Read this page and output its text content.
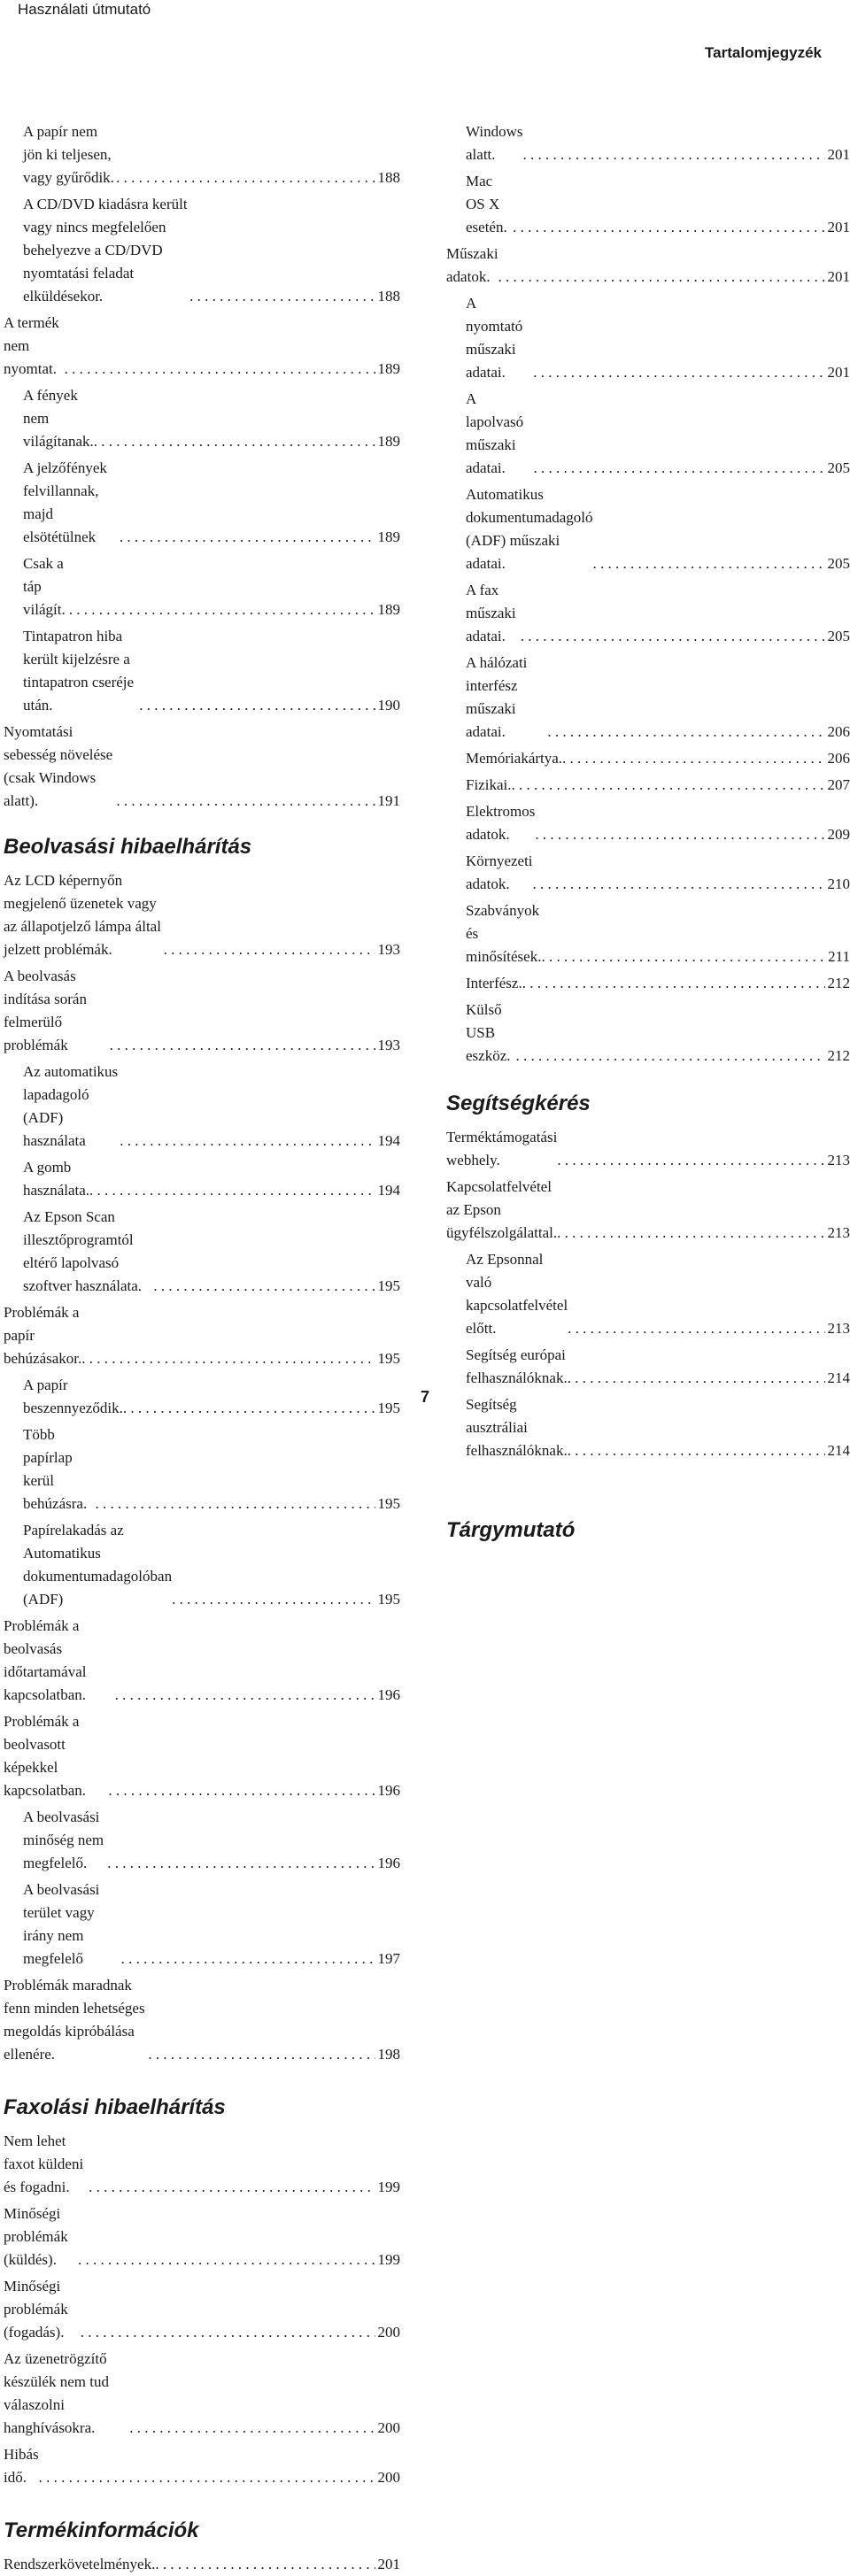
Használati útmutató
Tartalomjegyzék
A papír nem jön ki teljesen, vagy gyűrődik. . . .	188
A CD/DVD kiadásra került vagy nincs megfelelően behelyezve a CD/DVD nyomtatási feladat elküldésekor. . . .	188
A termék nem nyomtat. . . .	189
A fények nem világítanak. . . .	189
A jelzőfények felvillannak, majd elsötétülnek . . .	189
Csak a táp világít. . . .	189
Tintapatron hiba került kijelzésre a tintapatron cseréje után. . . .	190
Nyomtatási sebesség növelése (csak Windows alatt). . . .	191
Beolvasási hibaelhárítás
Az LCD képernyőn megjelenő üzenetek vagy az állapotjelző lámpa által jelzett problémák. . . .	193
A beolvasás indítása során felmerülő problémák . . .	193
Az automatikus lapadagoló (ADF) használata . . .	194
A gomb használata. . . .	194
Az Epson Scan illesztőprogramtól eltérő lapolvasó szoftver használata. . . .	195
Problémák a papír behúzásakor. . . .	195
A papír beszennyeződik. . . .	195
Több papírlap kerül behúzásra. . . .	195
Papírelakadás az Automatikus dokumentumadagolóban (ADF) . . .	195
Problémák a beolvasás időtartamával kapcsolatban. . . .	196
Problémák a beolvasott képekkel kapcsolatban. . . .	196
A beolvasási minőség nem megfelelő. . . .	196
A beolvasási terület vagy irány nem megfelelő . . .	197
Problémák maradnak fenn minden lehetséges megoldás kipróbálása ellenére. . . .	198
Faxolási hibaelhárítás
Nem lehet faxot küldeni és fogadni. . . .	199
Minőségi problémák (küldés). . . .	199
Minőségi problémák (fogadás). . . .	200
Az üzenetrögzítő készülék nem tud válaszolni hanghívásokra. . . .	200
Hibás idő. . . .	200
Termékinformációk
Rendszerkövetelmények. . . .	201
Windows alatt. . . .	201
Mac OS X esetén. . . .	201
Műszaki adatok. . . .	201
A nyomtató műszaki adatai. . . .	201
A lapolvasó műszaki adatai. . . .	205
Automatikus dokumentumadagoló (ADF) műszaki adatai. . . .	205
A fax műszaki adatai. . . .	205
A hálózati interfész műszaki adatai. . . .	206
Memóriakártya. . . .	206
Fizikai. . . .	207
Elektromos adatok. . . .	209
Környezeti adatok. . . .	210
Szabványok és minősítések. . . .	211
Interfész. . . .	212
Külső USB eszköz. . . .	212
Segítségkérés
Terméktámogatási webhely. . . .	213
Kapcsolatfelvétel az Epson ügyfélszolgálattal. . . .	213
Az Epsonnal való kapcsolatfelvétel előtt. . . .	213
Segítség európai felhasználóknak. . . .	214
Segítség ausztráliai felhasználóknak. . . .	214
Tárgymutató
7
